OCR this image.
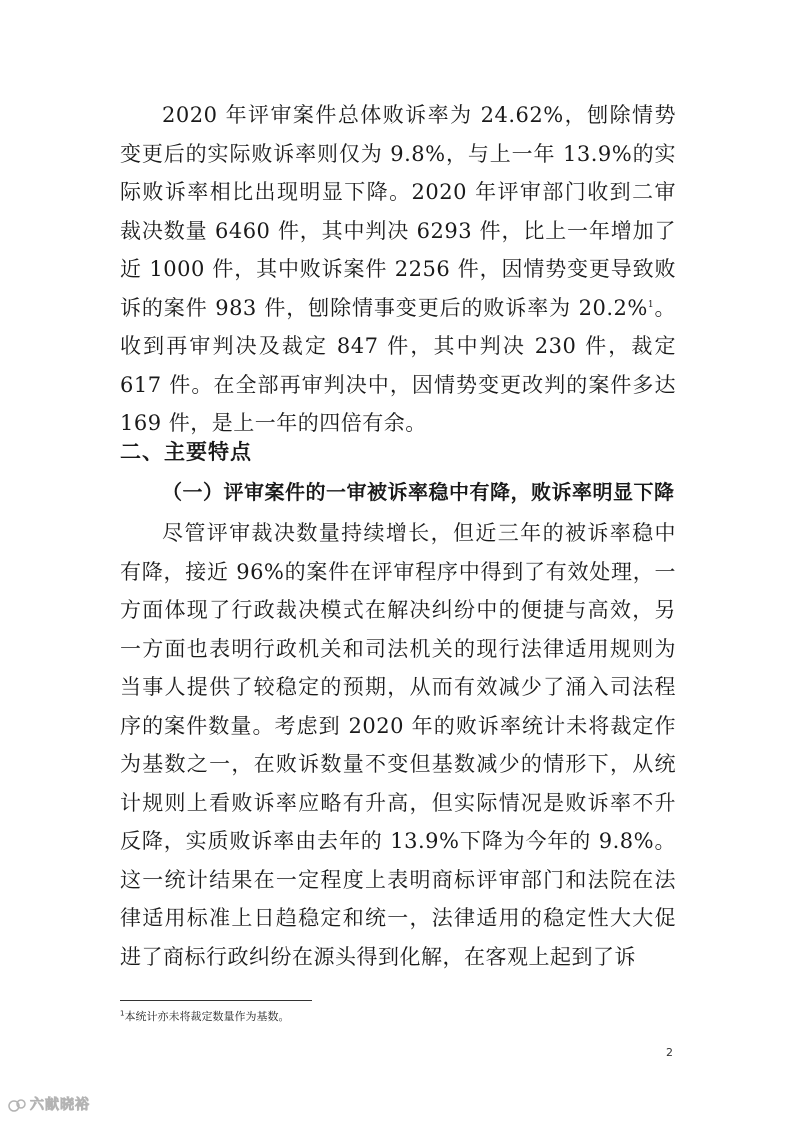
2020 年评审案件总体败诉率为 24.62%，刨除情势变更后的实际败诉率则仅为 9.8%，与上一年 13.9%的实际败诉率相比出现明显下降。2020 年评审部门收到二审裁决数量 6460 件，其中判决 6293 件，比上一年增加了近 1000 件，其中败诉案件 2256 件，因情势变更导致败诉的案件 983 件，刨除情事变更后的败诉率为 20.2%$^1$。收到再审判决及裁定 847 件，其中判决 230 件，裁定 617 件。在全部再审判决中，因情势变更改判的案件多达 169 件，是上一年的四倍有余。

二、主要特点
（一）评审案件的一审被诉率稳中有降，败诉率明显下降

尽管评审裁决数量持续增长，但近三年的被诉率稳中有降，接近 96%的案件在评审程序中得到了有效处理，一方面体现了行政裁决模式在解决纠纷中的便捷与高效，另一方面也表明行政机关和司法机关的现行法律适用规则为当事人提供了较稳定的预期，从而有效减少了涌入司法程序的案件数量。考虑到 2020 年的败诉率统计未将裁定作为基数之一，在败诉数量不变但基数减少的情形下，从统计规则上看败诉率应略有升高，但实际情况是败诉率不升反降，实质败诉率由去年的 13.9%下降为今年的 9.8%。这一统计结果在一定程度上表明商标评审部门和法院在法律适用标准上日趋稳定和统一，法律适用的稳定性大大促进了商标行政纠纷在源头得到化解，在客观上起到了诉

$^1$本统计亦未将裁定数量作为基数。

2
六献晓裕
